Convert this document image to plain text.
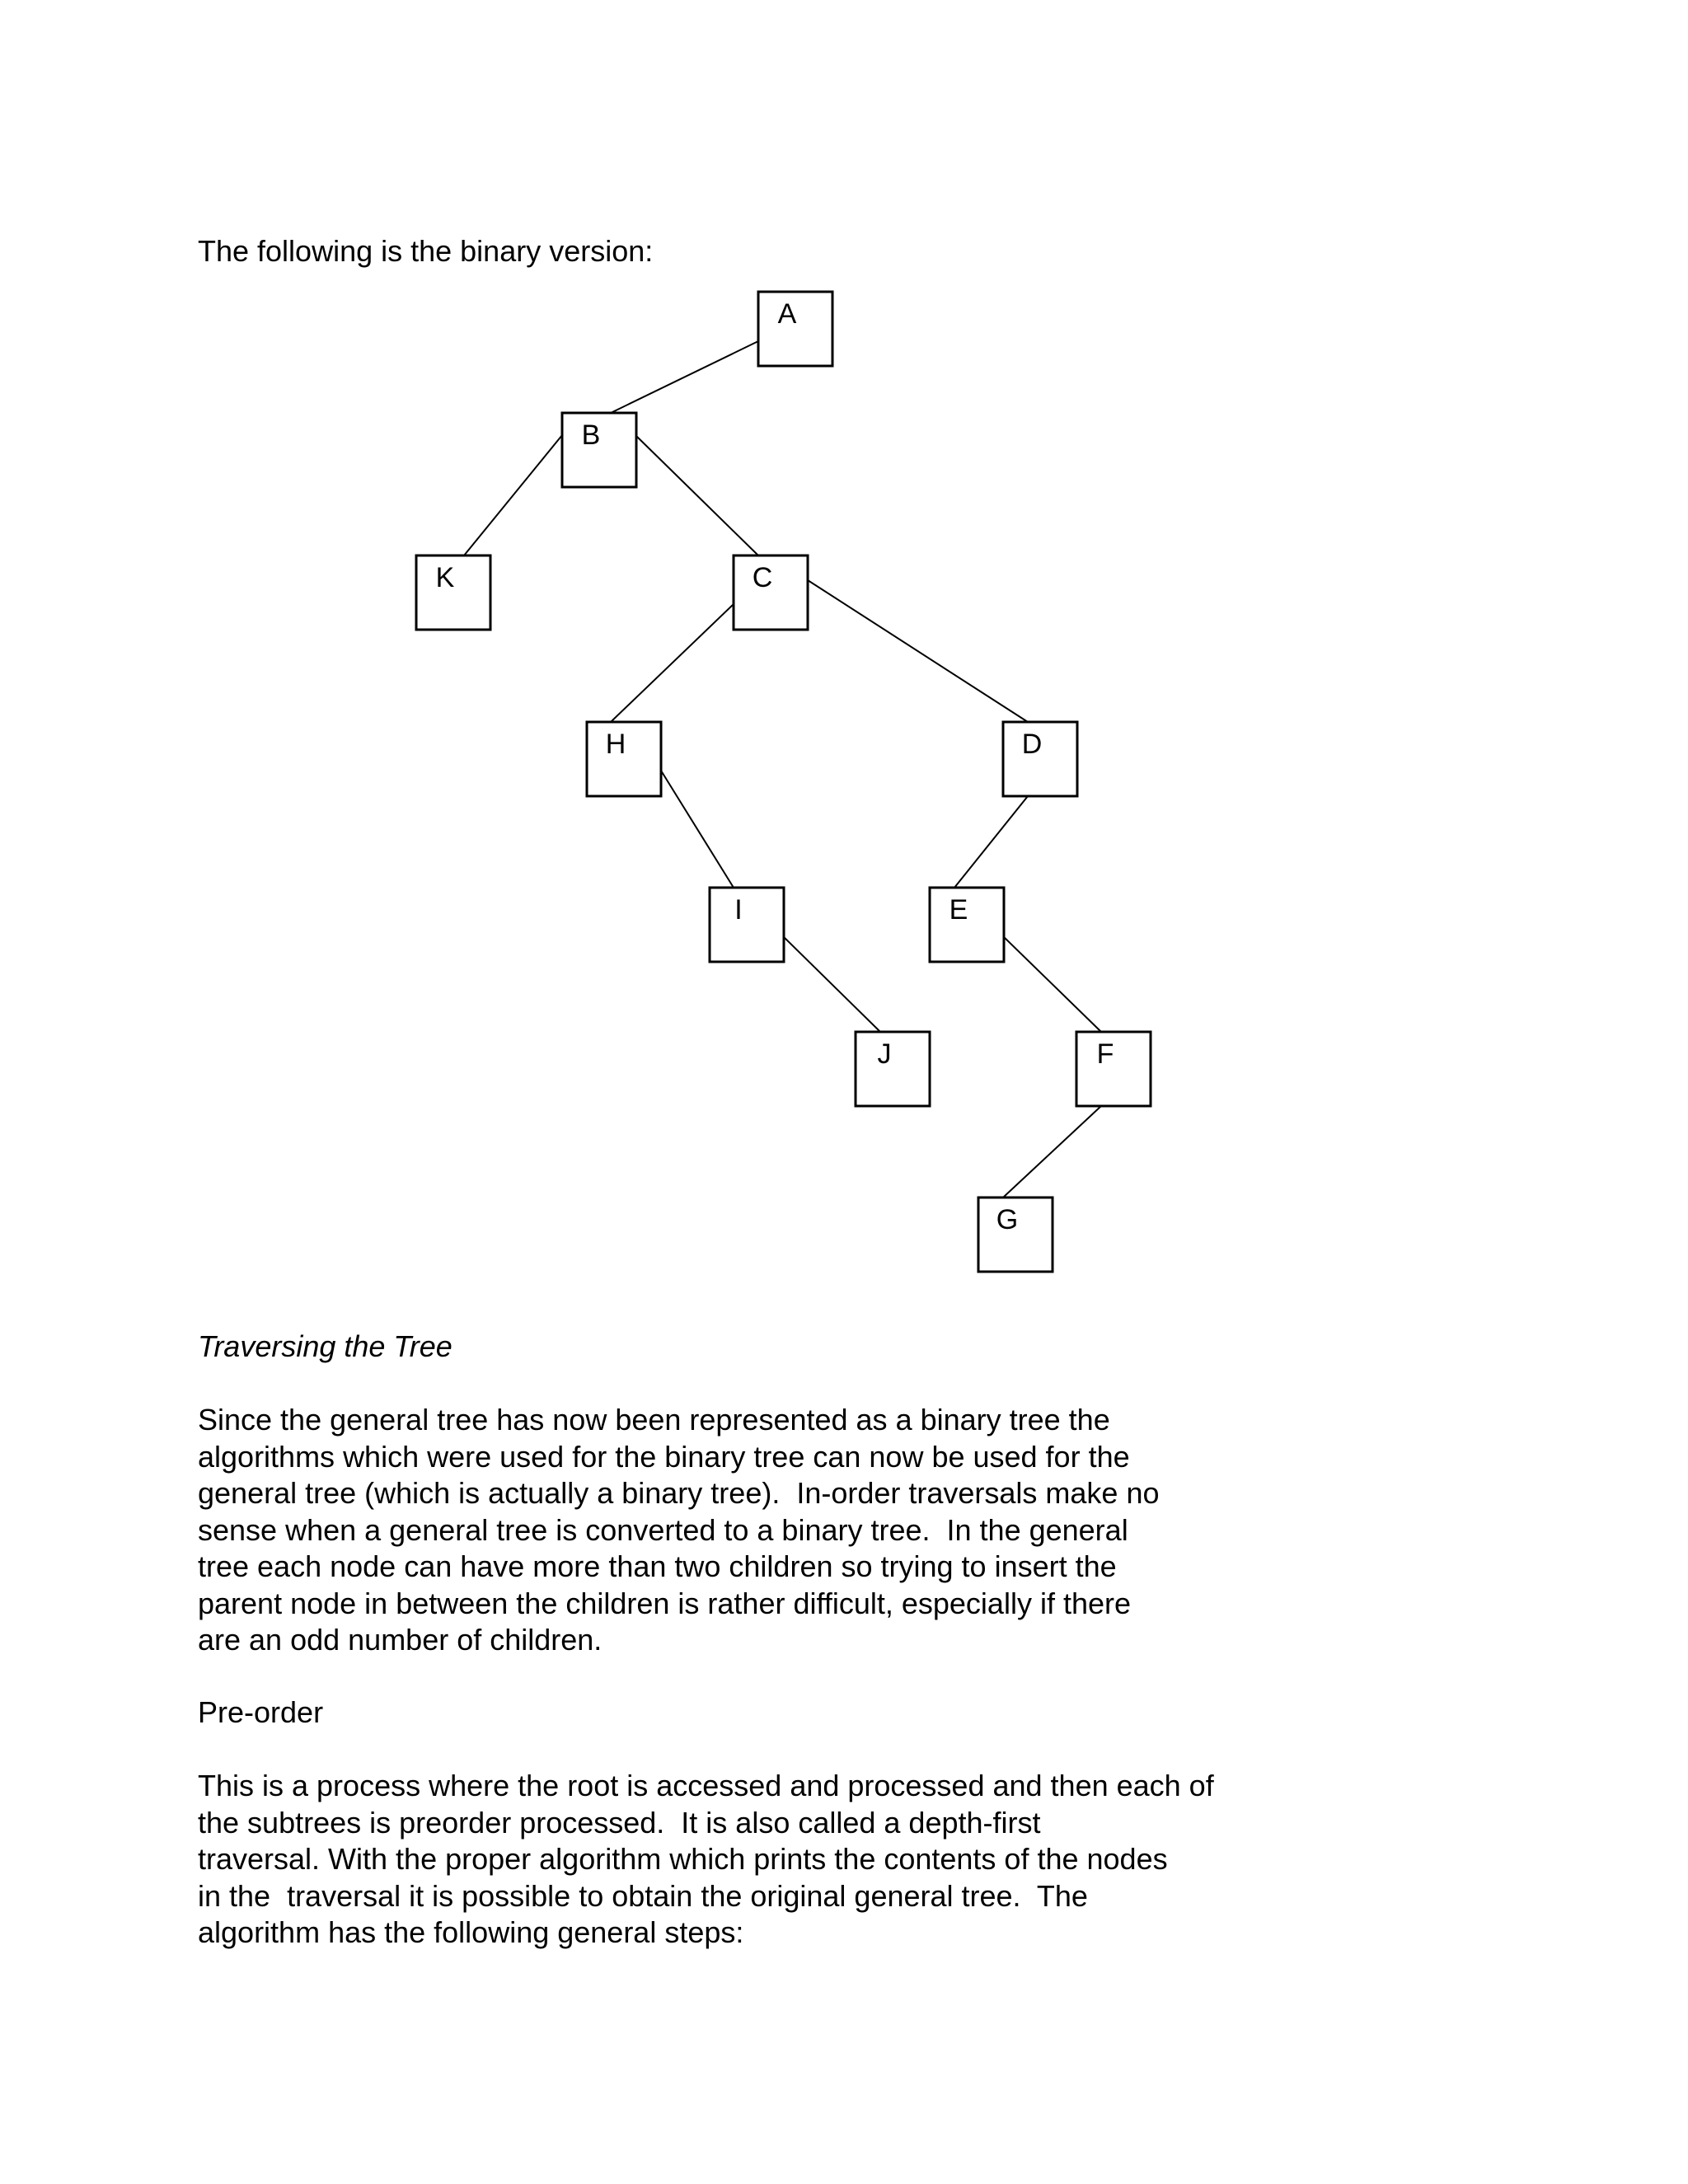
The following is the binary version:
A
B
K	C
H	D
I	E
J	F
G
Traversing the Tree
Since the general tree has now been represented as a binary tree the
algorithms which were used for the binary tree can now be used for the
general tree (which is actually a binary tree).  In-order traversals make no
sense when a general tree is converted to a binary tree.  In the general
tree each node can have more than two children so trying to insert the
parent node in between the children is rather difficult, especially if there
are an odd number of children.
Pre-order
This is a process where the root is accessed and processed and then each of
the subtrees is preorder processed.  It is also called a depth-first
traversal. With the proper algorithm which prints the contents of the nodes
in the  traversal it is possible to obtain the original general tree.  The
algorithm has the following general steps:
